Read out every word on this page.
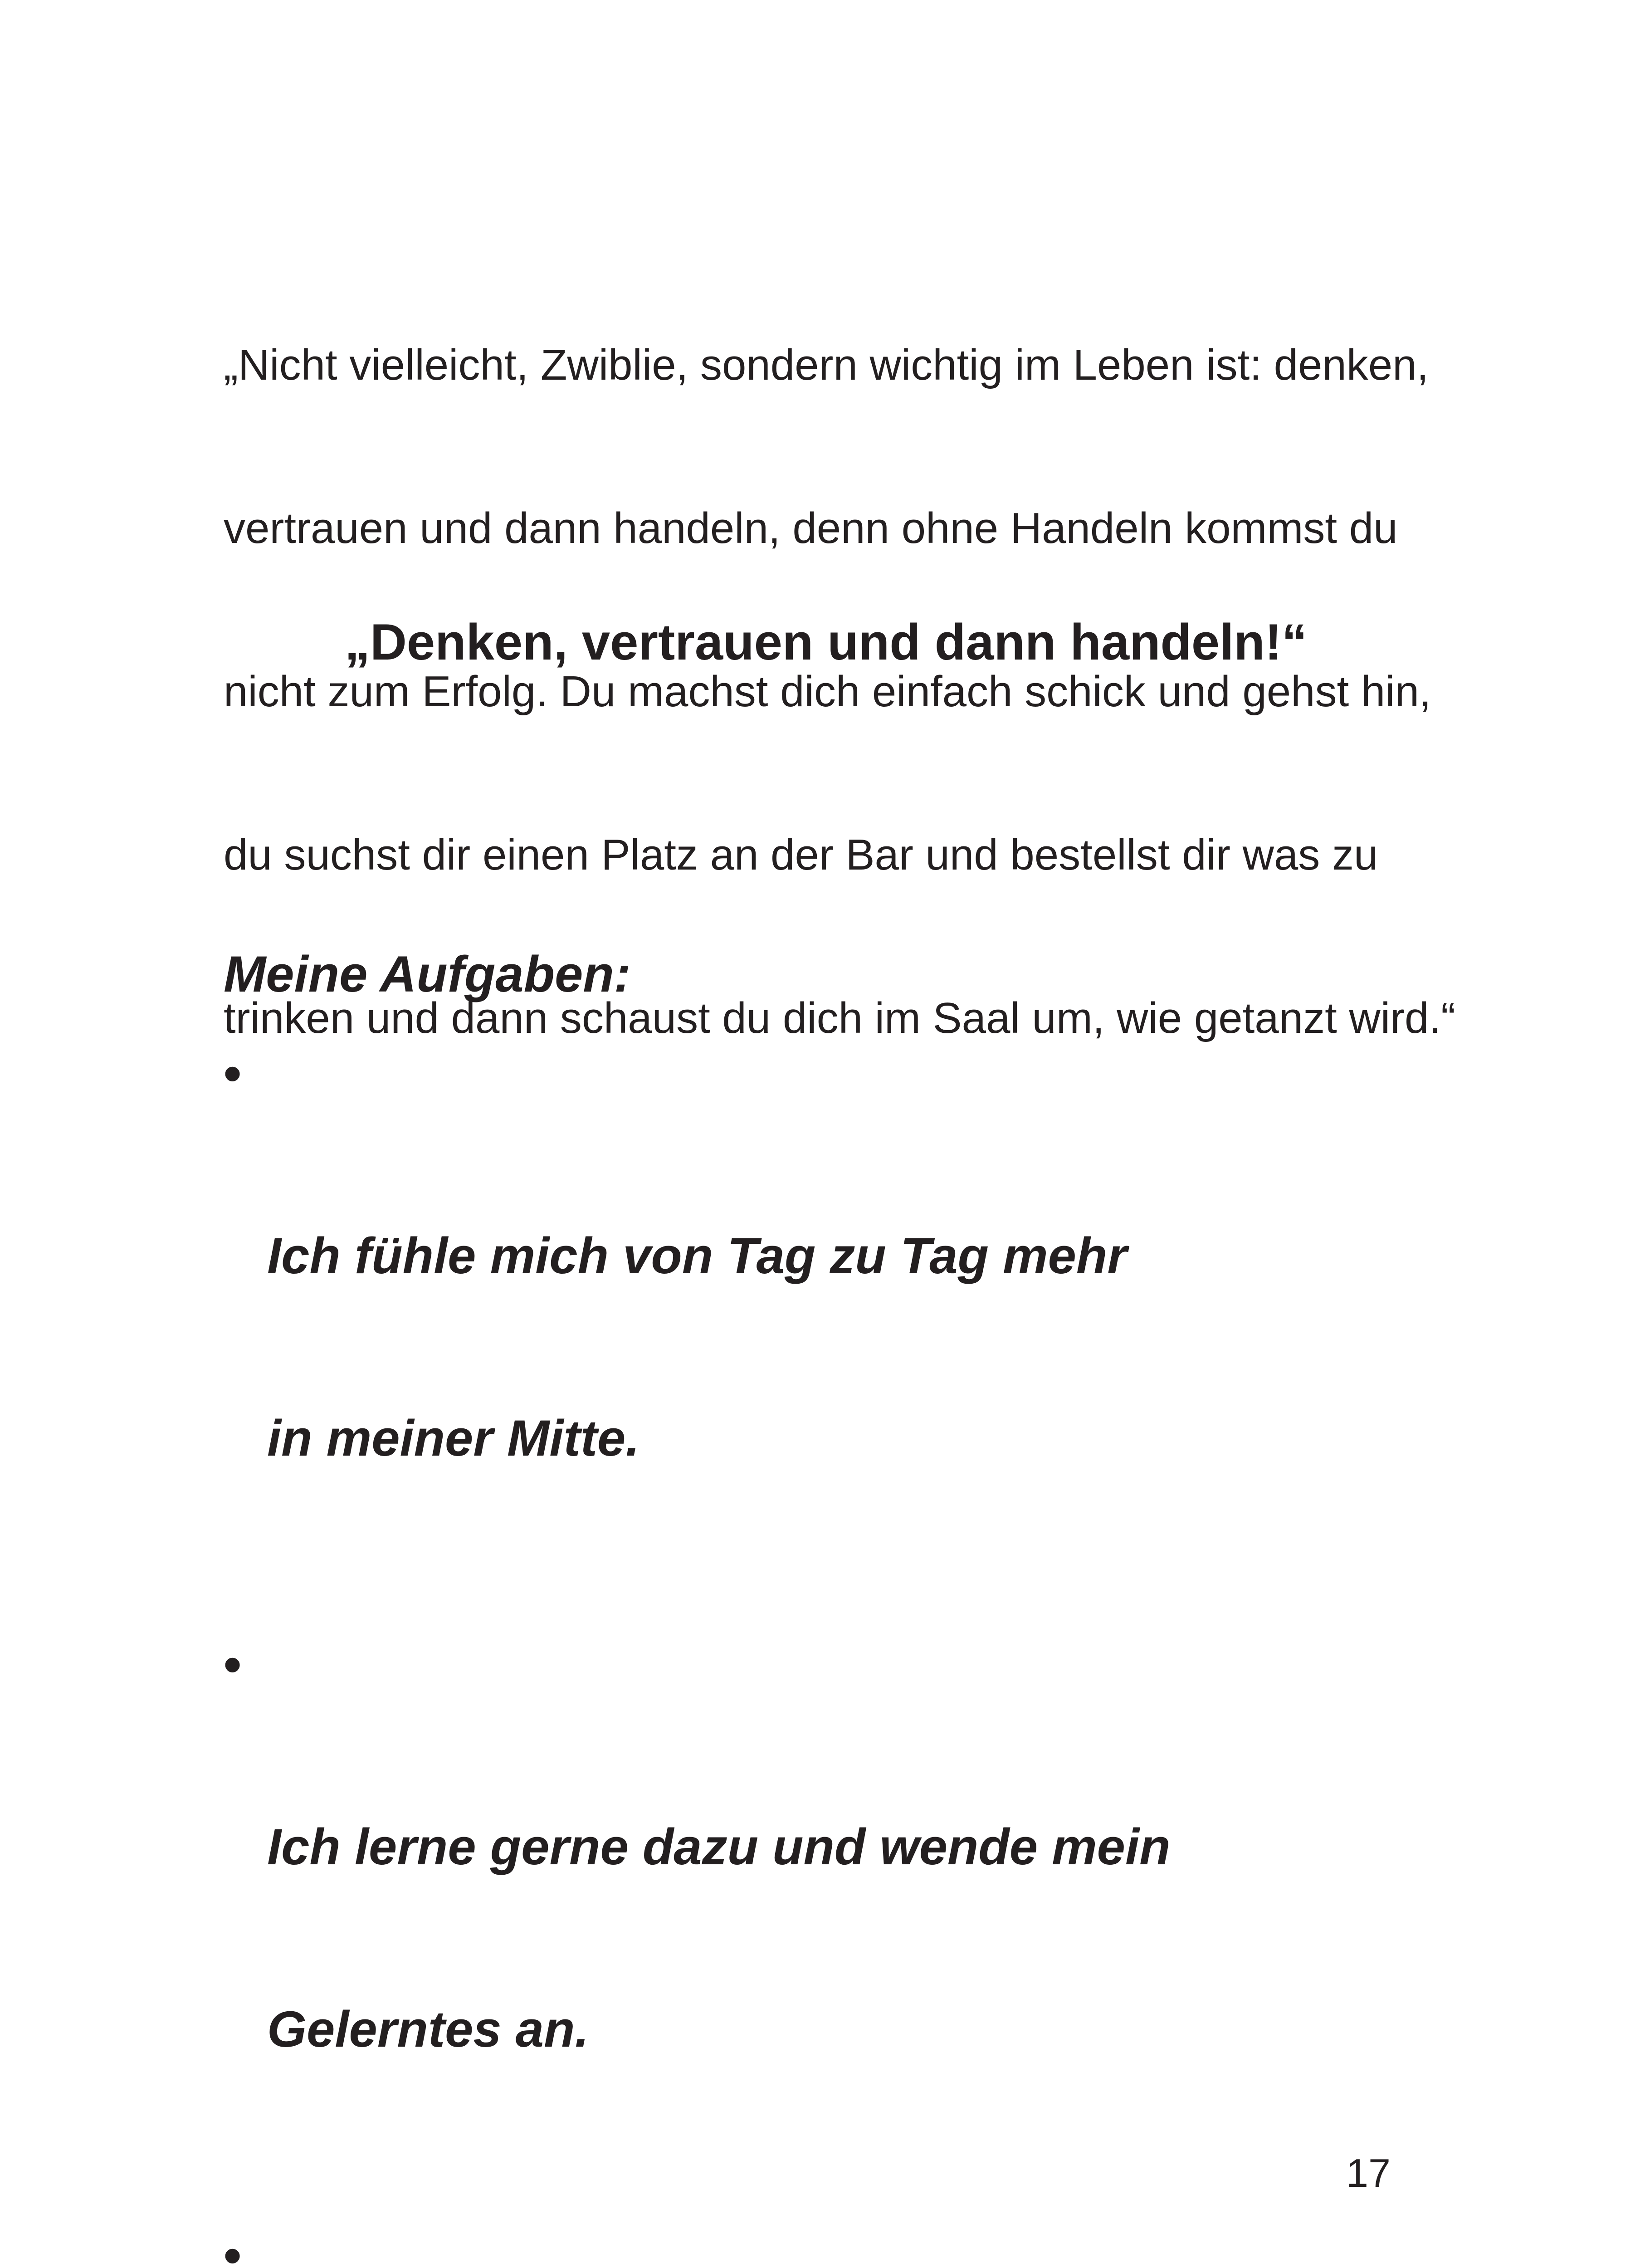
„Nicht vielleicht, Zwiblie, sondern wichtig im Leben ist: denken,

vertrauen und dann handeln, denn ohne Handeln kommst du

nicht zum Erfolg. Du machst dich einfach schick und gehst hin,

du suchst dir einen Platz an der Bar und bestellst dir was zu

trinken und dann schaust du dich im Saal um, wie getanzt wird.“

„Denken, vertrauen und dann handeln!“

Meine Aufgaben:

•

Ich fühle mich von Tag zu Tag mehr

in meiner Mitte.

•

Ich lerne gerne dazu und wende mein

Gelerntes an.

•

17
